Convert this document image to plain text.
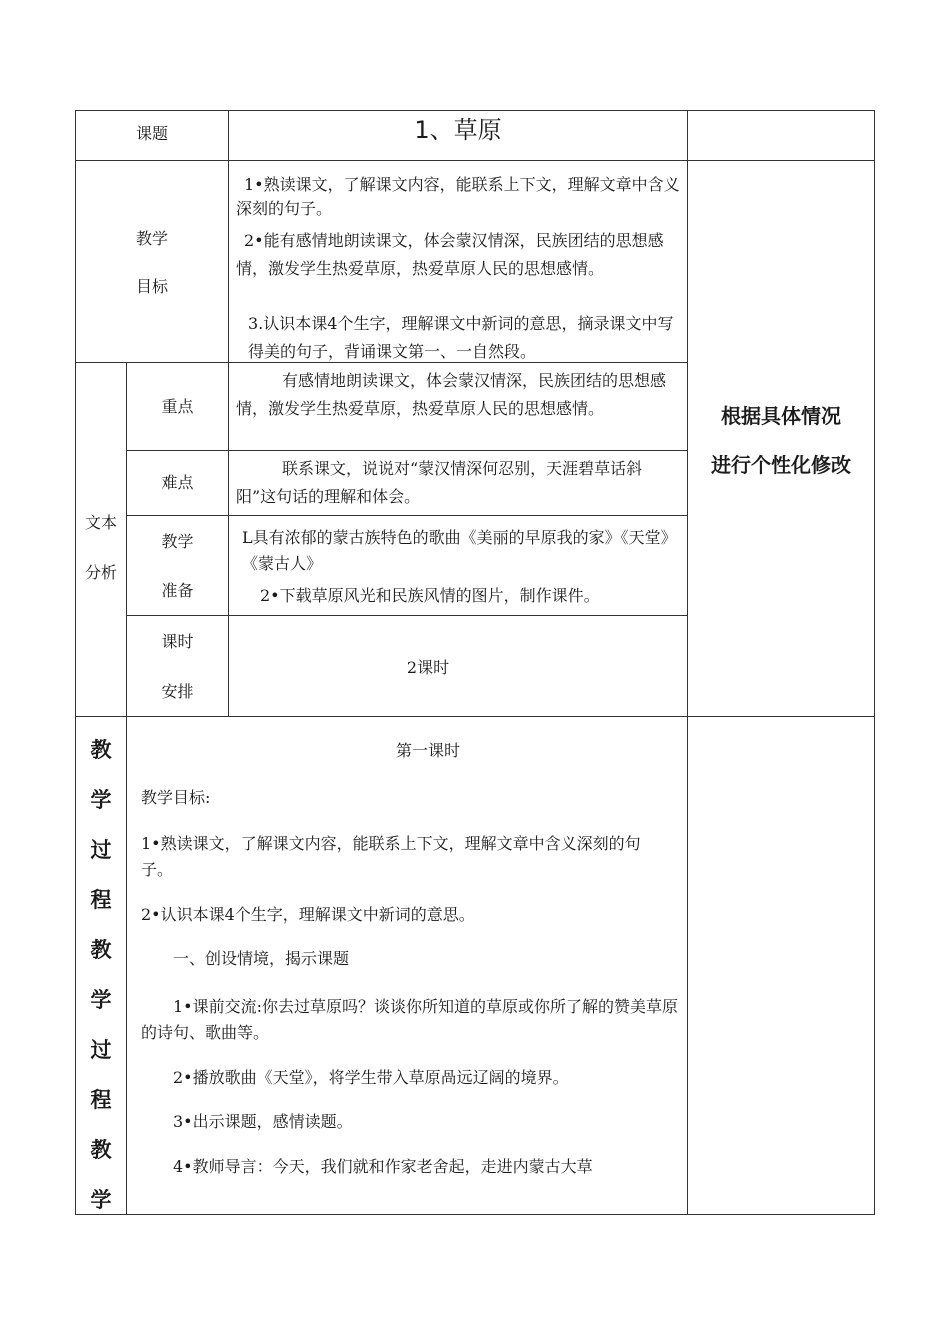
课题	1、草原
教学
目标
1•熟读课文，了解课文内容，能联系上下文，理解文章中含义深刻的句子。
2•能有感情地朗读课文，体会蒙汉情深，民族团结的思想感情，激发学生热爱草原，热爱草原人民的思想感情。
3.认识本课4个生字，理解课文中新词的意思，摘录课文中写得美的句子，背诵课文第一、一自然段。
文本
分析
重点
有感情地朗读课文，体会蒙汉情深，民族团结的思想感情，激发学生热爱草原，热爱草原人民的思想感情。
难点
联系课文，说说对“蒙汉情深何忍别，天涯碧草话斜阳”这句话的理解和体会。
教学
准备
L具有浓郁的蒙古族特色的歌曲《美丽的早原我的家》《天堂》《蒙古人》
2•下载草原风光和民族风情的图片，制作课件。
课时
安排
2课时
根据具体情况
进行个性化修改
教
学
过
程
教
学
过
程
教
学
第一课时
教学目标:
1•熟读课文，了解课文内容，能联系上下文，理解文章中含义深刻的句子。
2•认识本课4个生字，理解课文中新词的意思。
一、创设情境，揭示课题
1•课前交流:你去过草原吗？谈谈你所知道的草原或你所了解的赞美草原的诗句、歌曲等。
2•播放歌曲《天堂》，将学生带入草原咼远辽阔的境界。
3•出示课题，感情读题。
4•教师导言：今天，我们就和作家老舍起，走进内蒙古大草
